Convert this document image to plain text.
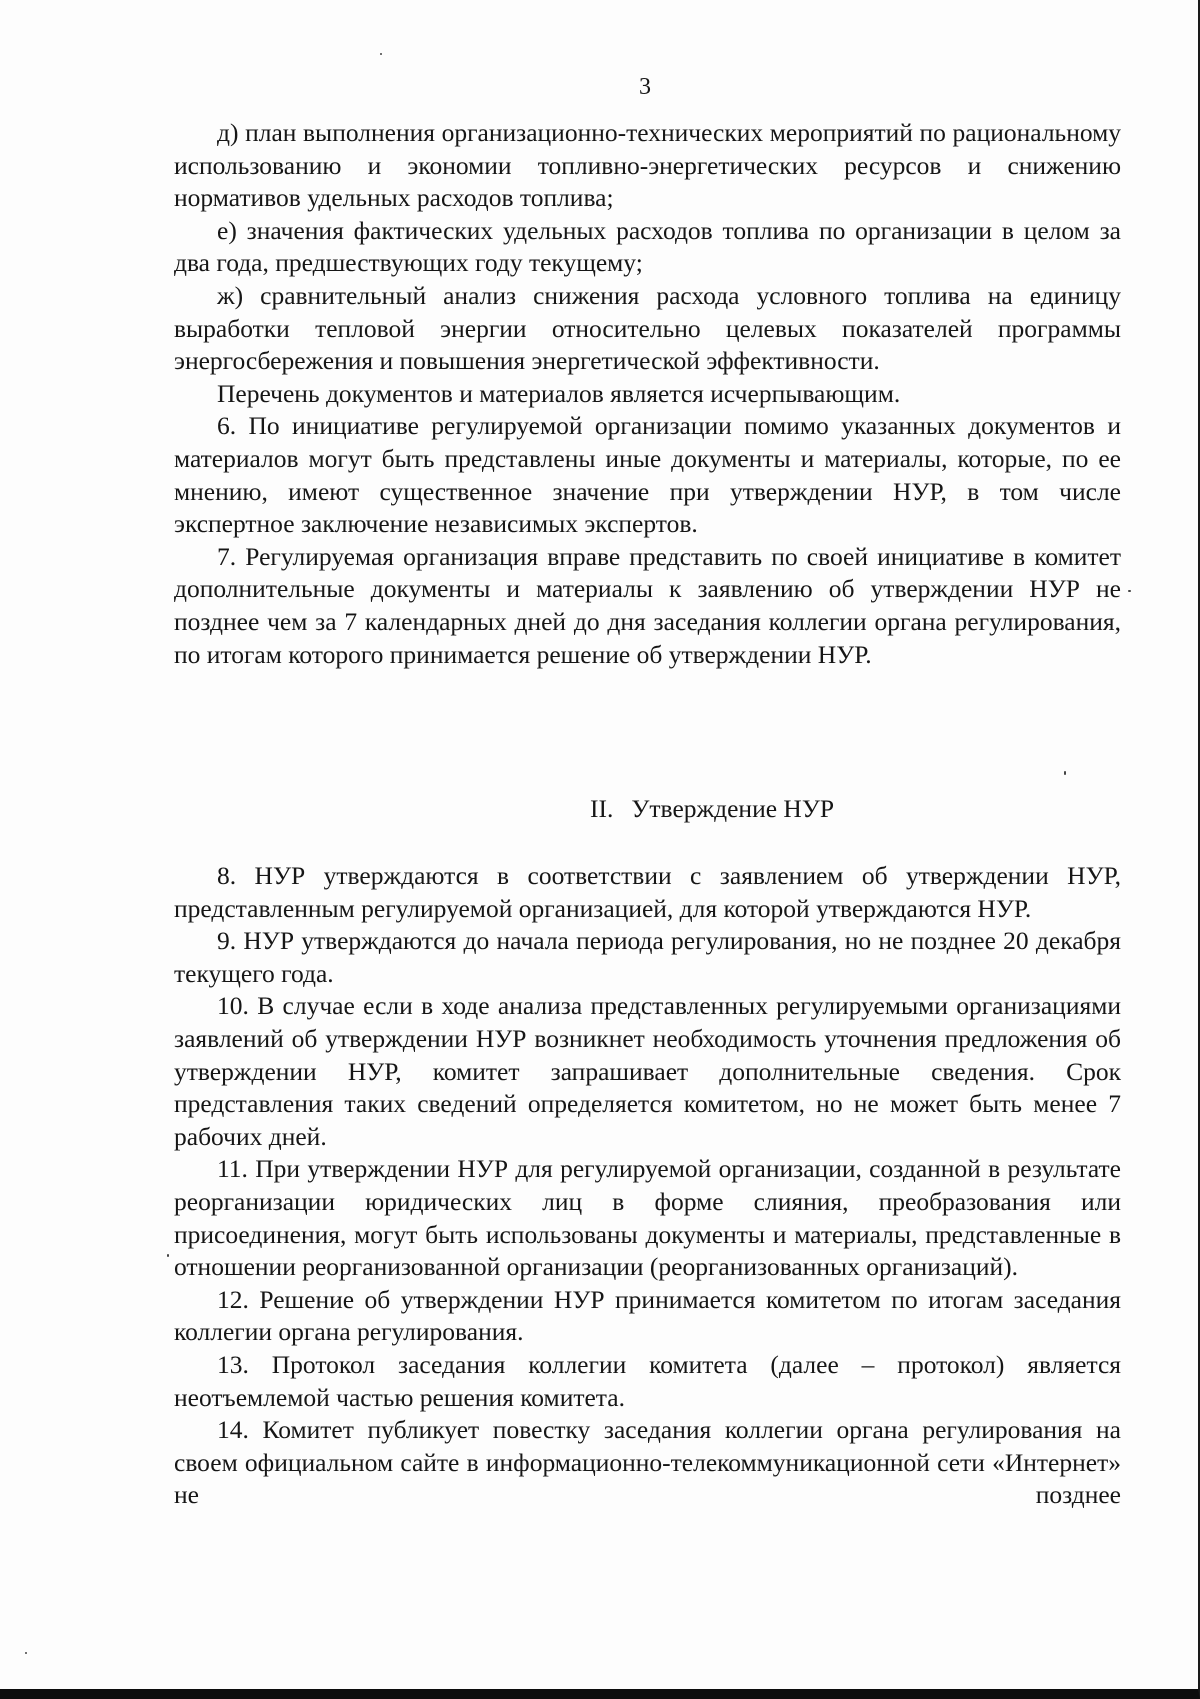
3

д) план выполнения организационно-технических мероприятий по рациональному использованию и экономии топливно-энергетических ресурсов и снижению нормативов удельных расходов топлива;

е) значения фактических удельных расходов топлива по организации в целом за два года, предшествующих году текущему;

ж) сравнительный анализ снижения расхода условного топлива на единицу выработки тепловой энергии относительно целевых показателей программы энергосбережения и повышения энергетической эффективности.

Перечень документов и материалов является исчерпывающим.

6. По инициативе регулируемой организации помимо указанных документов и материалов могут быть представлены иные документы и материалы, которые, по ее мнению, имеют существенное значение при утверждении НУР, в том числе экспертное заключение независимых экспертов.

7. Регулируемая организация вправе представить по своей инициативе в комитет дополнительные документы и материалы к заявлению об утверждении НУР не позднее чем за 7 календарных дней до дня заседания коллегии органа регулирования, по итогам которого принимается решение об утверждении НУР.

II. Утверждение НУР

8. НУР утверждаются в соответствии с заявлением об утверждении НУР, представленным регулируемой организацией, для которой утверждаются НУР.

9. НУР утверждаются до начала периода регулирования, но не позднее 20 декабря текущего года.

10. В случае если в ходе анализа представленных регулируемыми организациями заявлений об утверждении НУР возникнет необходимость уточнения предложения об утверждении НУР, комитет запрашивает дополнительные сведения. Срок представления таких сведений определяется комитетом, но не может быть менее 7 рабочих дней.

11. При утверждении НУР для регулируемой организации, созданной в результате реорганизации юридических лиц в форме слияния, преобразования или присоединения, могут быть использованы документы и материалы, представленные в отношении реорганизованной организации (реорганизованных организаций).

12. Решение об утверждении НУР принимается комитетом по итогам заседания коллегии органа регулирования.

13. Протокол заседания коллегии комитета (далее – протокол) является неотъемлемой частью решения комитета.

14. Комитет публикует повестку заседания коллегии органа регулирования на своем официальном сайте в информационно-телекоммуникационной сети «Интернет» не позднее
